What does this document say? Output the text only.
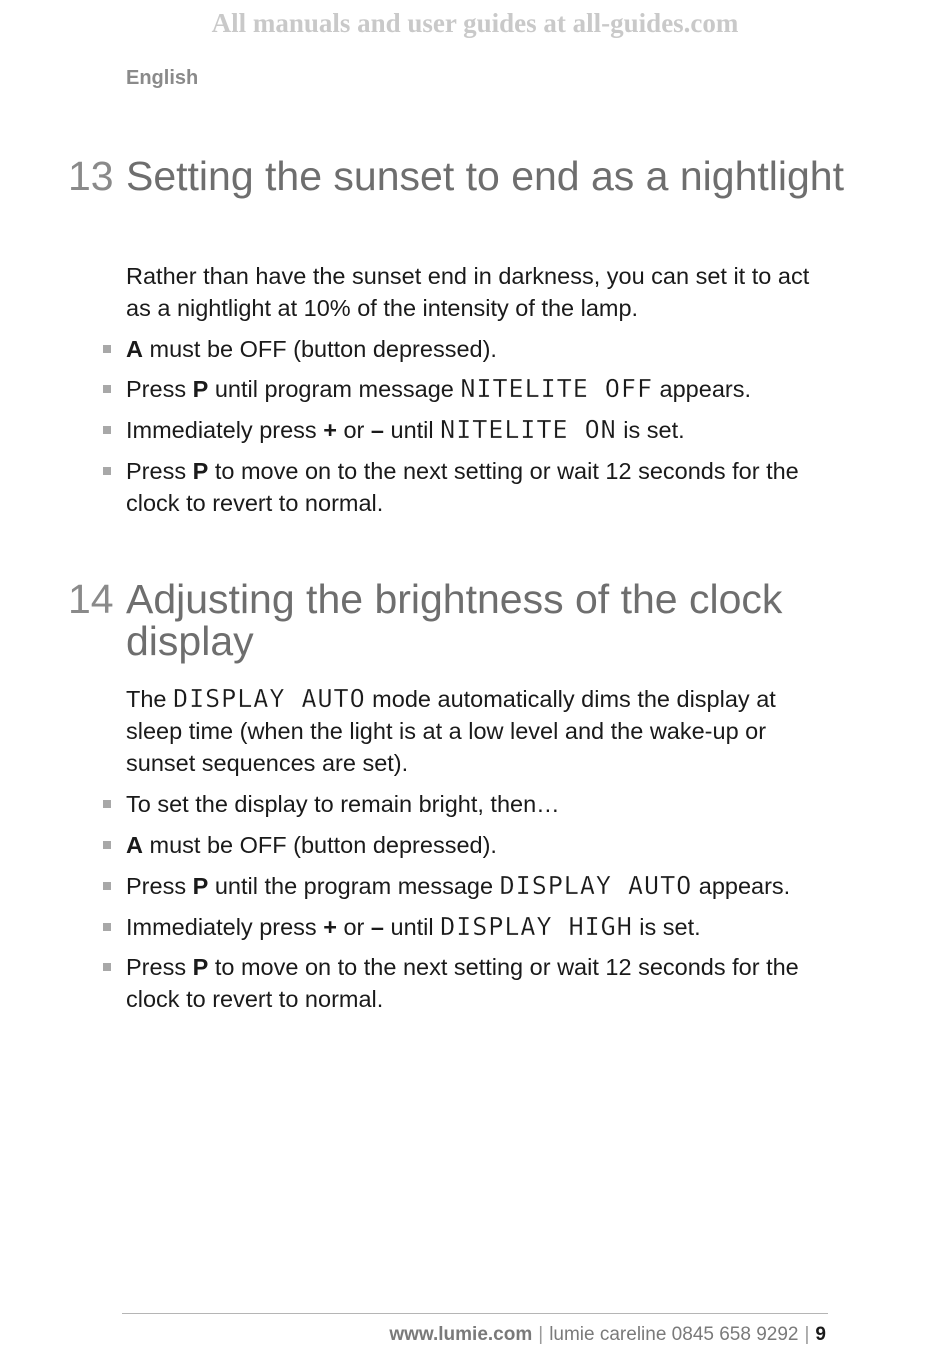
All manuals and user guides at all-guides.com
English
13 Setting the sunset to end as a nightlight
Rather than have the sunset end in darkness, you can set it to act as a nightlight at 10% of the intensity of the lamp.
A must be OFF (button depressed).
Press P until program message NITELITE OFF appears.
Immediately press + or – until NITELITE ON is set.
Press P to move on to the next setting or wait 12 seconds for the clock to revert to normal.
14 Adjusting the brightness of the clock display
The DISPLAY AUTO mode automatically dims the display at sleep time (when the light is at a low level and the wake-up or sunset sequences are set).
To set the display to remain bright, then…
A must be OFF (button depressed).
Press P until the program message DISPLAY AUTO appears.
Immediately press + or – until DISPLAY HIGH is set.
Press P to move on to the next setting or wait 12 seconds for the clock to revert to normal.
www.lumie.com | lumie careline 0845 658 9292 | 9
